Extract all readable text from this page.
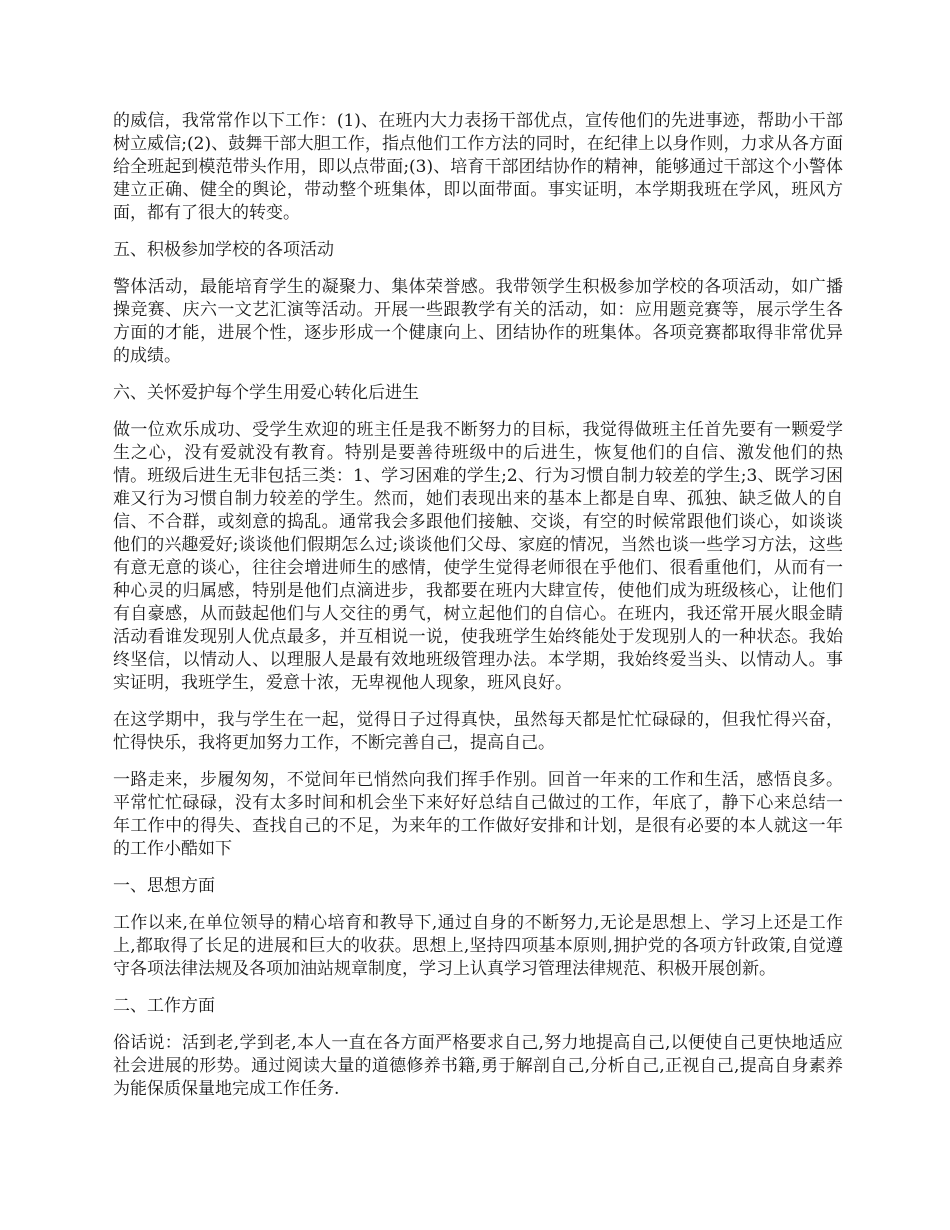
的威信，我常常作以下工作：(1)、在班内大力表扬干部优点，宣传他们的先进事迹，帮助小干部树立威信;(2)、鼓舞干部大胆工作，指点他们工作方法的同时，在纪律上以身作则，力求从各方面给全班起到模范带头作用，即以点带面;(3)、培育干部团结协作的精神，能够通过干部这个小警体建立正确、健全的舆论，带动整个班集体，即以面带面。事实证明，本学期我班在学风，班风方面，都有了很大的转变。

五、积极参加学校的各项活动

警体活动，最能培育学生的凝聚力、集体荣誉感。我带领学生积极参加学校的各项活动，如广播操竞赛、庆六一文艺汇演等活动。开展一些跟教学有关的活动，如：应用题竞赛等，展示学生各方面的才能，进展个性，逐步形成一个健康向上、团结协作的班集体。各项竞赛都取得非常优异的成绩。

六、关怀爱护每个学生用爱心转化后进生

做一位欢乐成功、受学生欢迎的班主任是我不断努力的目标，我觉得做班主任首先要有一颗爱学生之心，没有爱就没有教育。特别是要善待班级中的后进生，恢复他们的自信、激发他们的热情。班级后进生无非包括三类：1、学习困难的学生;2、行为习惯自制力较差的学生;3、既学习困难又行为习惯自制力较差的学生。然而，她们表现出来的基本上都是自卑、孤独、缺乏做人的自信、不合群，或刻意的捣乱。通常我会多跟他们接触、交谈，有空的时候常跟他们谈心，如谈谈他们的兴趣爱好;谈谈他们假期怎么过;谈谈他们父母、家庭的情况，当然也谈一些学习方法，这些有意无意的谈心，往往会增进师生的感情，使学生觉得老师很在乎他们、很看重他们，从而有一种心灵的归属感，特别是他们点滴进步，我都要在班内大肆宣传，使他们成为班级核心，让他们有自豪感，从而鼓起他们与人交往的勇气，树立起他们的自信心。在班内，我还常开展火眼金睛活动看谁发现别人优点最多，并互相说一说，使我班学生始终能处于发现别人的一种状态。我始终坚信，以情动人、以理服人是最有效地班级管理办法。本学期，我始终爱当头、以情动人。事实证明，我班学生，爱意十浓，无卑视他人现象，班风良好。

在这学期中，我与学生在一起，觉得日子过得真快，虽然每天都是忙忙碌碌的，但我忙得兴奋，忙得快乐，我将更加努力工作，不断完善自己，提高自己。

一路走来，步履匆匆，不觉间年已悄然向我们挥手作别。回首一年来的工作和生活，感悟良多。平常忙忙碌碌，没有太多时间和机会坐下来好好总结自己做过的工作，年底了，静下心来总结一年工作中的得失、查找自己的不足，为来年的工作做好安排和计划，是很有必要的本人就这一年的工作小酷如下

一、思想方面

工作以来,在单位领导的精心培育和教导下,通过自身的不断努力,无论是思想上、学习上还是工作上,都取得了长足的进展和巨大的收获。思想上,坚持四项基本原则,拥护党的各项方针政策,自觉遵守各项法律法规及各项加油站规章制度，学习上认真学习管理法律规范、积极开展创新。

二、工作方面

俗话说：活到老,学到老,本人一直在各方面严格要求自己,努力地提高自己,以便使自己更快地适应社会进展的形势。通过阅读大量的道德修养书籍,勇于解剖自己,分析自己,正视自己,提高自身素养为能保质保量地完成工作任务.
